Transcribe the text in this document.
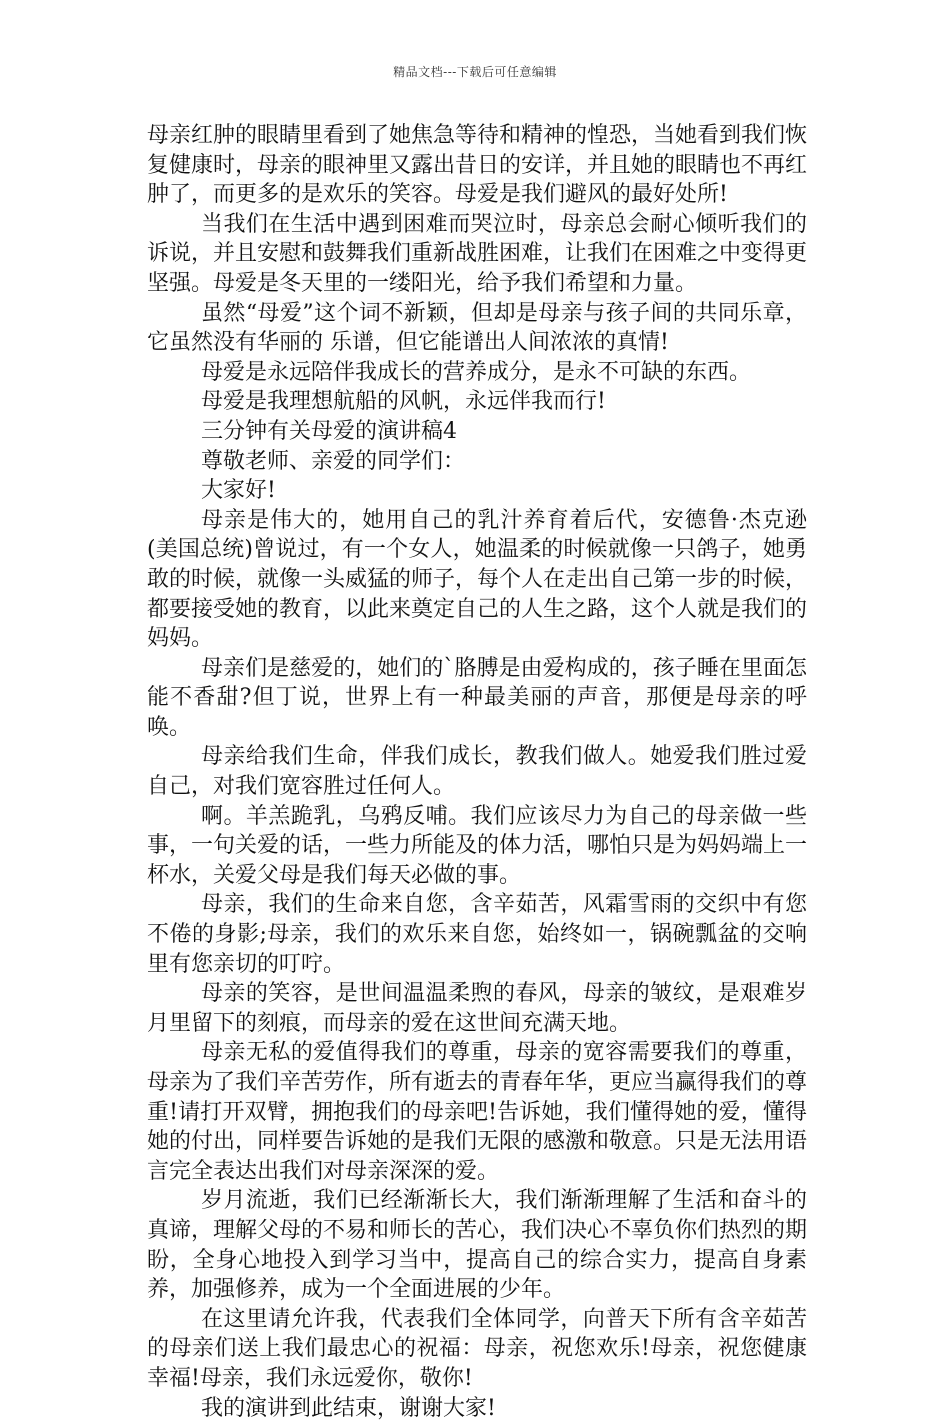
精品文档---下载后可任意编辑

母亲红肿的眼睛里看到了她焦急等待和精神的惶恐，当她看到我们恢复健康时，母亲的眼神里又露出昔日的安详，并且她的眼睛也不再红肿了，而更多的是欢乐的笑容。母爱是我们避风的最好处所!

当我们在生活中遇到困难而哭泣时，母亲总会耐心倾听我们的诉说，并且安慰和鼓舞我们重新战胜困难，让我们在困难之中变得更坚强。母爱是冬天里的一缕阳光，给予我们希望和力量。

虽然“母爱”这个词不新颖，但却是母亲与孩子间的共同乐章，它虽然没有华丽的 乐谱，但它能谱出人间浓浓的真情!

母爱是永远陪伴我成长的营养成分，是永不可缺的东西。

母爱是我理想航船的风帆，永远伴我而行!

三分钟有关母爱的演讲稿4

尊敬老师、亲爱的同学们：

大家好!

母亲是伟大的，她用自己的乳汁养育着后代，安德鲁·杰克逊(美国总统)曾说过，有一个女人，她温柔的时候就像一只鸽子，她勇敢的时候，就像一头威猛的师子，每个人在走出自己第一步的时候，都要接受她的教育，以此来奠定自己的人生之路，这个人就是我们的妈妈。

母亲们是慈爱的，她们的`胳膊是由爱构成的，孩子睡在里面怎能不香甜?但丁说，世界上有一种最美丽的声音，那便是母亲的呼唤。

母亲给我们生命，伴我们成长，教我们做人。她爱我们胜过爱自己，对我们宽容胜过任何人。

啊。羊羔跪乳，乌鸦反哺。我们应该尽力为自己的母亲做一些事，一句关爱的话，一些力所能及的体力活，哪怕只是为妈妈端上一杯水，关爱父母是我们每天必做的事。

母亲，我们的生命来自您，含辛茹苦，风霜雪雨的交织中有您不倦的身影;母亲，我们的欢乐来自您，始终如一，锅碗瓢盆的交响里有您亲切的叮咛。

母亲的笑容，是世间温温柔煦的春风，母亲的皱纹，是艰难岁月里留下的刻痕，而母亲的爱在这世间充满天地。

母亲无私的爱值得我们的尊重，母亲的宽容需要我们的尊重，母亲为了我们辛苦劳作，所有逝去的青春年华，更应当赢得我们的尊重!请打开双臂，拥抱我们的母亲吧!告诉她，我们懂得她的爱，懂得她的付出，同样要告诉她的是我们无限的感激和敬意。只是无法用语言完全表达出我们对母亲深深的爱。

岁月流逝，我们已经渐渐长大，我们渐渐理解了生活和奋斗的真谛，理解父母的不易和师长的苦心，我们决心不辜负你们热烈的期盼，全身心地投入到学习当中，提高自己的综合实力，提高自身素养，加强修养，成为一个全面进展的少年。

在这里请允许我，代表我们全体同学，向普天下所有含辛茹苦的母亲们送上我们最忠心的祝福：母亲，祝您欢乐!母亲，祝您健康幸福!母亲，我们永远爱你，敬你!

我的演讲到此结束，谢谢大家!
